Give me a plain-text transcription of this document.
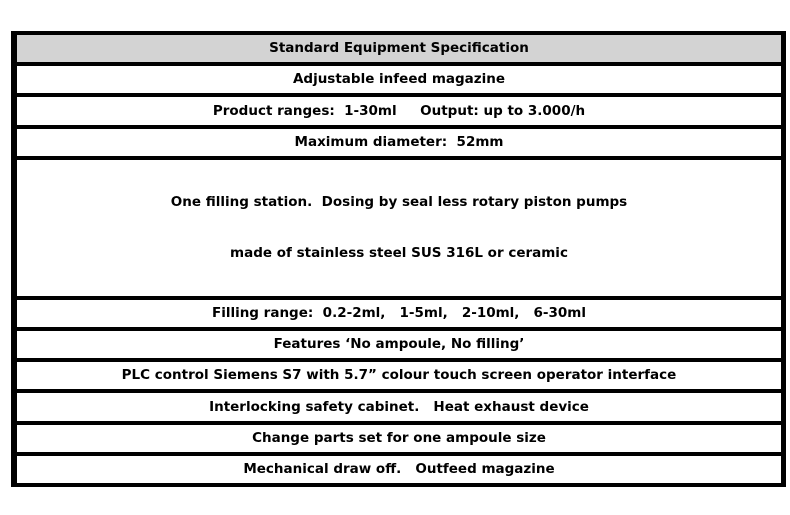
Standard Equipment Specification
Adjustable infeed magazine
Product ranges:  1-30ml     Output: up to 3.000/h
Maximum diameter:  52mm

One filling station.  Dosing by seal less rotary piston pumps

made of stainless steel SUS 316L or ceramic

Filling range:  0.2-2ml,   1-5ml,   2-10ml,   6-30ml
Features ‘No ampoule, No filling’
PLC control Siemens S7 with 5.7” colour touch screen operator interface
Interlocking safety cabinet.   Heat exhaust device
Change parts set for one ampoule size
Mechanical draw off.   Outfeed magazine
